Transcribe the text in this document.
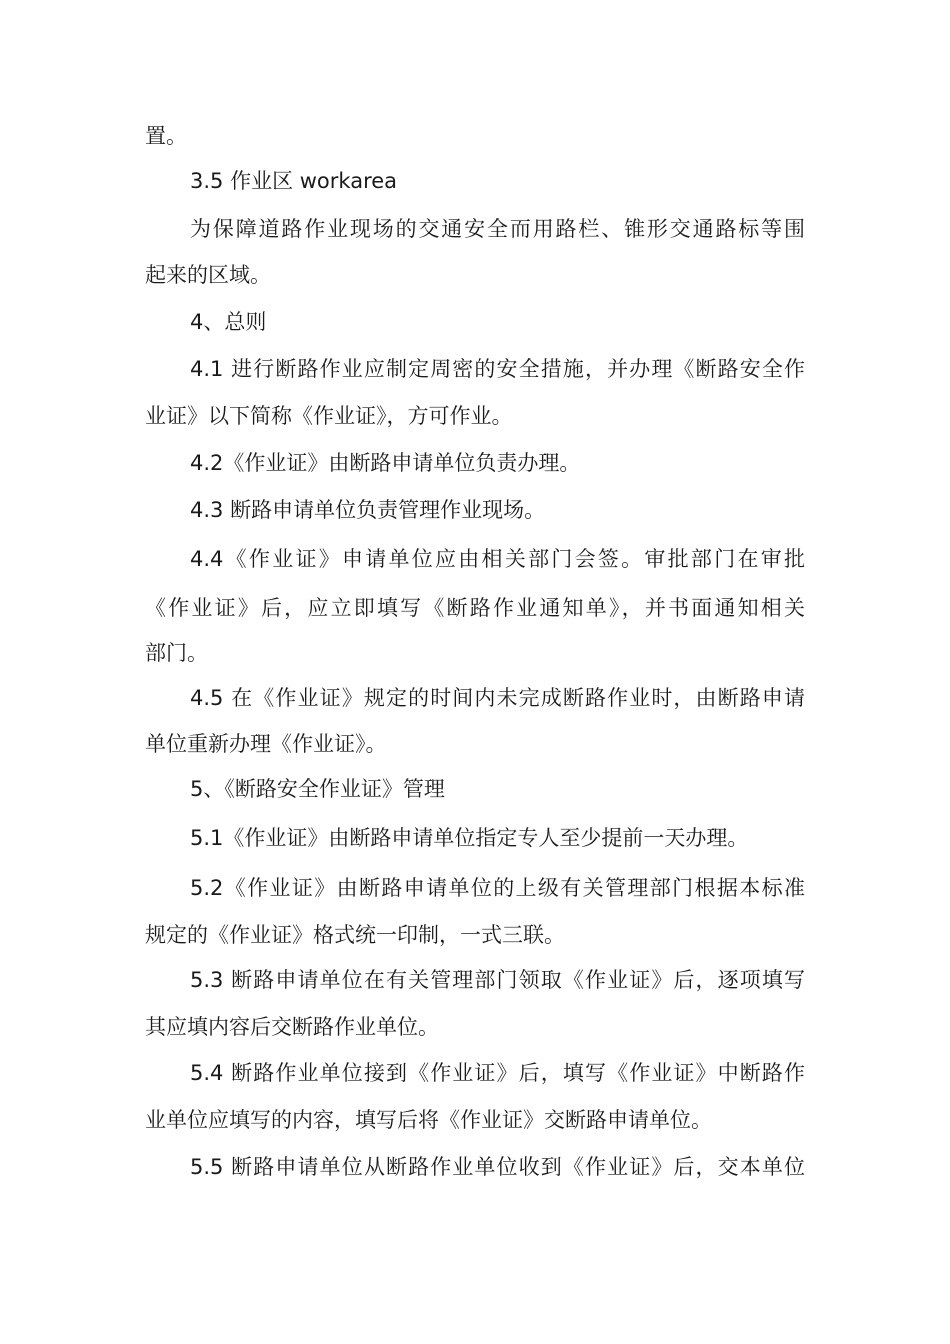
置。
3.5 作业区 workarea
为保障道路作业现场的交通安全而用路栏、锥形交通路标等围
起来的区域。
4、总则
4.1 进行断路作业应制定周密的安全措施，并办理《断路安全作
业证》以下简称《作业证》，方可作业。
4.2《作业证》由断路申请单位负责办理。
4.3 断路申请单位负责管理作业现场。
4.4《作业证》申请单位应由相关部门会签。审批部门在审批
《作业证》后，应立即填写《断路作业通知单》，并书面通知相关
部门。
4.5 在《作业证》规定的时间内未完成断路作业时，由断路申请
单位重新办理《作业证》。
5、《断路安全作业证》管理
5.1《作业证》由断路申请单位指定专人至少提前一天办理。
5.2《作业证》由断路申请单位的上级有关管理部门根据本标准
规定的《作业证》格式统一印制，一式三联。
5.3 断路申请单位在有关管理部门领取《作业证》后，逐项填写
其应填内容后交断路作业单位。
5.4 断路作业单位接到《作业证》后，填写《作业证》中断路作
业单位应填写的内容，填写后将《作业证》交断路申请单位。
5.5 断路申请单位从断路作业单位收到《作业证》后，交本单位
